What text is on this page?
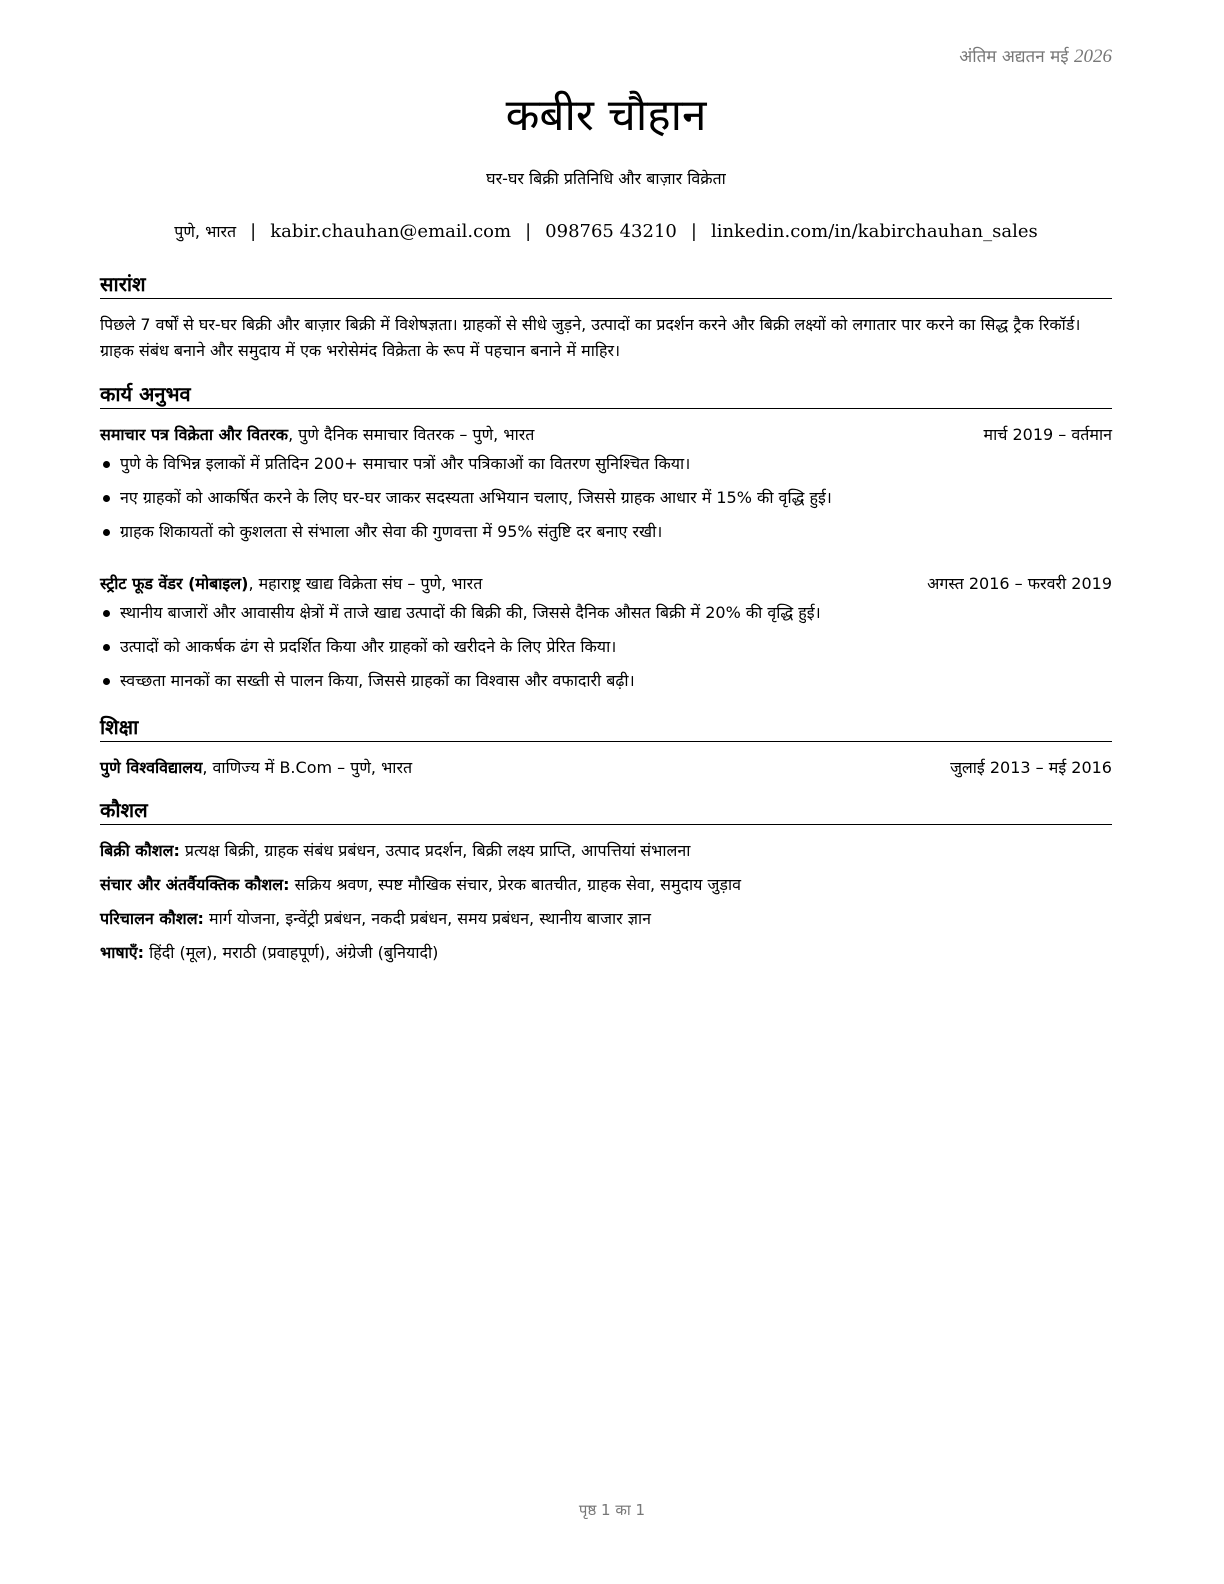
अंतिम अद्यतन मई 2026
कबीर चौहान
घर-घर बिक्री प्रतिनिधि और बाज़ार विक्रेता
पुणे, भारत | kabir.chauhan@email.com | 098765 43210 | linkedin.com/in/kabirchauhan_sales
सारांश
पिछले 7 वर्षों से घर-घर बिक्री और बाज़ार बिक्री में विशेषज्ञता। ग्राहकों से सीधे जुड़ने, उत्पादों का प्रदर्शन करने और बिक्री लक्ष्यों को लगातार पार करने का सिद्ध ट्रैक रिकॉर्ड। ग्राहक संबंध बनाने और समुदाय में एक भरोसेमंद विक्रेता के रूप में पहचान बनाने में माहिर।
कार्य अनुभव
समाचार पत्र विक्रेता और वितरक, पुणे दैनिक समाचार वितरक – पुणे, भारत	मार्च 2019 – वर्तमान
पुणे के विभिन्न इलाकों में प्रतिदिन 200+ समाचार पत्रों और पत्रिकाओं का वितरण सुनिश्चित किया।
नए ग्राहकों को आकर्षित करने के लिए घर-घर जाकर सदस्यता अभियान चलाए, जिससे ग्राहक आधार में 15% की वृद्धि हुई।
ग्राहक शिकायतों को कुशलता से संभाला और सेवा की गुणवत्ता में 95% संतुष्टि दर बनाए रखी।
स्ट्रीट फूड वेंडर (मोबाइल), महाराष्ट्र खाद्य विक्रेता संघ – पुणे, भारत	अगस्त 2016 – फरवरी 2019
स्थानीय बाजारों और आवासीय क्षेत्रों में ताजे खाद्य उत्पादों की बिक्री की, जिससे दैनिक औसत बिक्री में 20% की वृद्धि हुई।
उत्पादों को आकर्षक ढंग से प्रदर्शित किया और ग्राहकों को खरीदने के लिए प्रेरित किया।
स्वच्छता मानकों का सख्ती से पालन किया, जिससे ग्राहकों का विश्वास और वफादारी बढ़ी।
शिक्षा
पुणे विश्वविद्यालय, वाणिज्य में B.Com – पुणे, भारत	जुलाई 2013 – मई 2016
कौशल
बिक्री कौशल: प्रत्यक्ष बिक्री, ग्राहक संबंध प्रबंधन, उत्पाद प्रदर्शन, बिक्री लक्ष्य प्राप्ति, आपत्तियां संभालना
संचार और अंतर्वैयक्तिक कौशल: सक्रिय श्रवण, स्पष्ट मौखिक संचार, प्रेरक बातचीत, ग्राहक सेवा, समुदाय जुड़ाव
परिचालन कौशल: मार्ग योजना, इन्वेंट्री प्रबंधन, नकदी प्रबंधन, समय प्रबंधन, स्थानीय बाजार ज्ञान
भाषाएँ: हिंदी (मूल), मराठी (प्रवाहपूर्ण), अंग्रेजी (बुनियादी)
पृष्ठ 1 का 1
